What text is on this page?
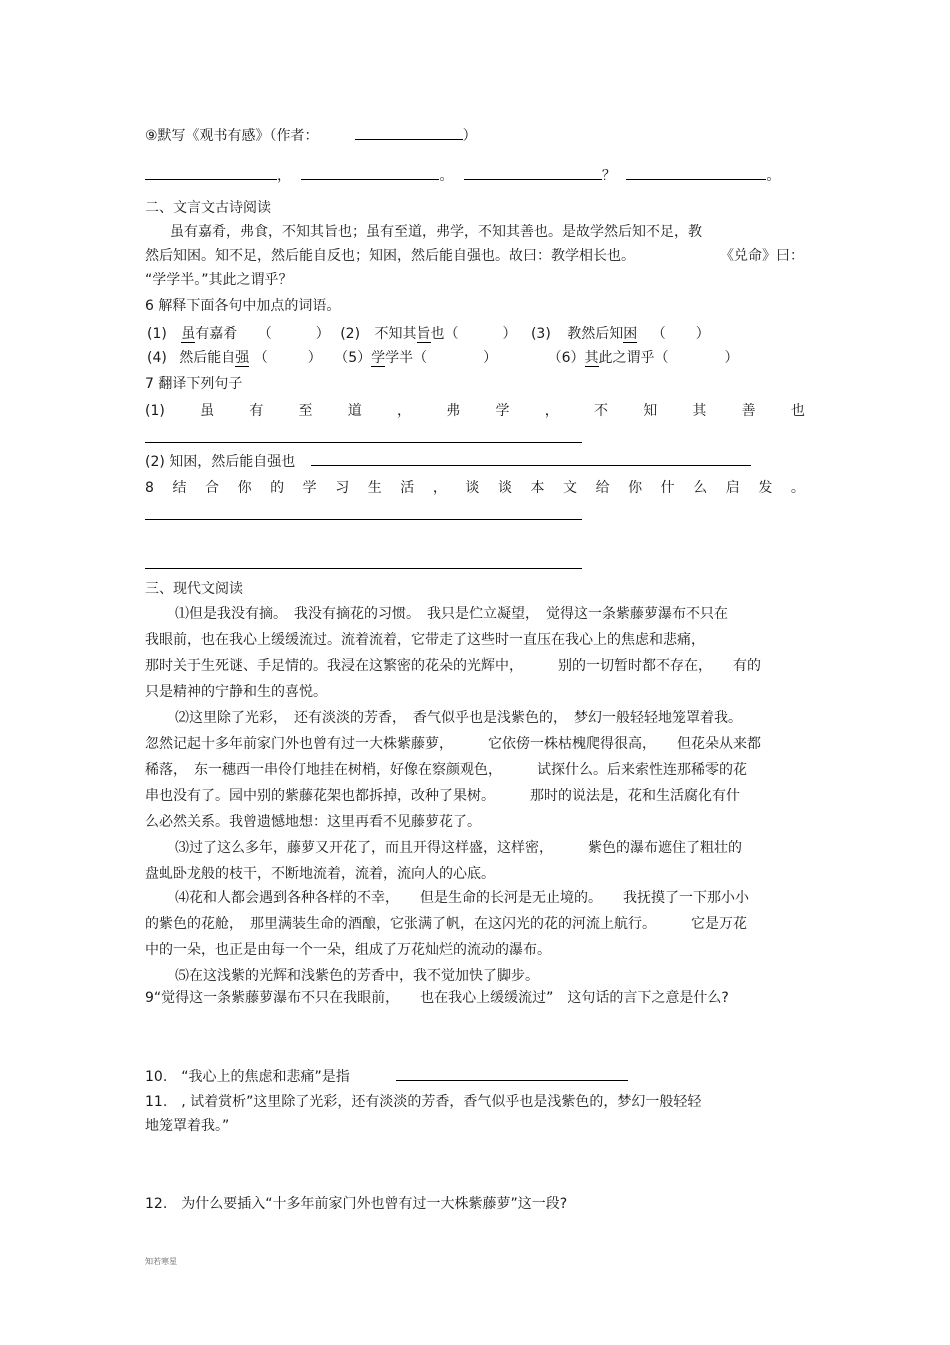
⑨默写《观书有感》（作者：	）
，	。	？	。
二、文言文古诗阅读
虽有嘉肴，弗食，不知其旨也；虽有至道，弗学，不知其善也。是故学然后知不足，教
然后知困。知不足，然后能自反也；知困，然后能自强也。故曰：教学相长也。	《兑命》曰：
“学学半。”其此之谓乎？
6 解释下面各句中加点的词语。
(1) 虽有嘉肴 （	） (2) 不知其旨也（	） (3) 教然后知困 （ ）
(4) 然后能自强 （	） （5）学学半（	）	（6）其此之谓乎（	）
7 翻译下列句子
(1)	虽	有	至	道	，	弗	学	，	不	知	其	善	也
(2) 知困，然后能自强也
8 结 合 你 的 学 习 生 活 ， 谈 谈 本 文 给 你 什 么 启 发 。
三、现代文阅读
⑴但是我没有摘。　我没有摘花的习惯。　我只是伫立凝望，　觉得这一条紫藤萝瀑布不只在
我眼前，也在我心上缓缓流过。流着流着，它带走了这些时一直压在我心上的焦虑和悲痛，
那时关于生死谜、手足情的。我浸在这繁密的花朵的光辉中，　　　别的一切暂时都不存在，　　有的
只是精神的宁静和生的喜悦。
⑵这里除了光彩，　还有淡淡的芳香，　香气似乎也是浅紫色的，　梦幻一般轻轻地笼罩着我。
忽然记起十多年前家门外也曾有过一大株紫藤萝，　　　它依傍一株枯槐爬得很高，　　但花朵从来都
稀落，　东一穗西一串伶仃地挂在树梢，好像在察颜观色，　　　试探什么。后来索性连那稀零的花
串也没有了。园中别的紫藤花架也都拆掉，改种了果树。　　　那时的说法是，花和生活腐化有什
么必然关系。我曾遗憾地想：这里再看不见藤萝花了。
⑶过了这么多年，藤萝又开花了，而且开得这样盛，这样密，　　　紫色的瀑布遮住了粗壮的
盘虬卧龙般的枝干，不断地流着，流着，流向人的心底。
⑷花和人都会遇到各种各样的不幸，　　但是生命的长河是无止境的。　　我抚摸了一下那小小
的紫色的花舱，　那里满装生命的酒酿，它张满了帆，在这闪光的花的河流上航行。　　　它是万花
中的一朵，也正是由每一个一朵，组成了万花灿烂的流动的瀑布。
⑸在这浅紫的光辉和浅紫色的芳香中，我不觉加快了脚步。
9“觉得这一条紫藤萝瀑布不只在我眼前，　　也在我心上缓缓流过”　这句话的言下之意是什么?
10.　“我心上的焦虑和悲痛”是指
11.　, 试着赏析”这里除了光彩，还有淡淡的芳香，香气似乎也是浅紫色的，梦幻一般轻轻
地笼罩着我。”
12.　为什么要插入“十多年前家门外也曾有过一大株紫藤萝”这一段?
知若寒星
